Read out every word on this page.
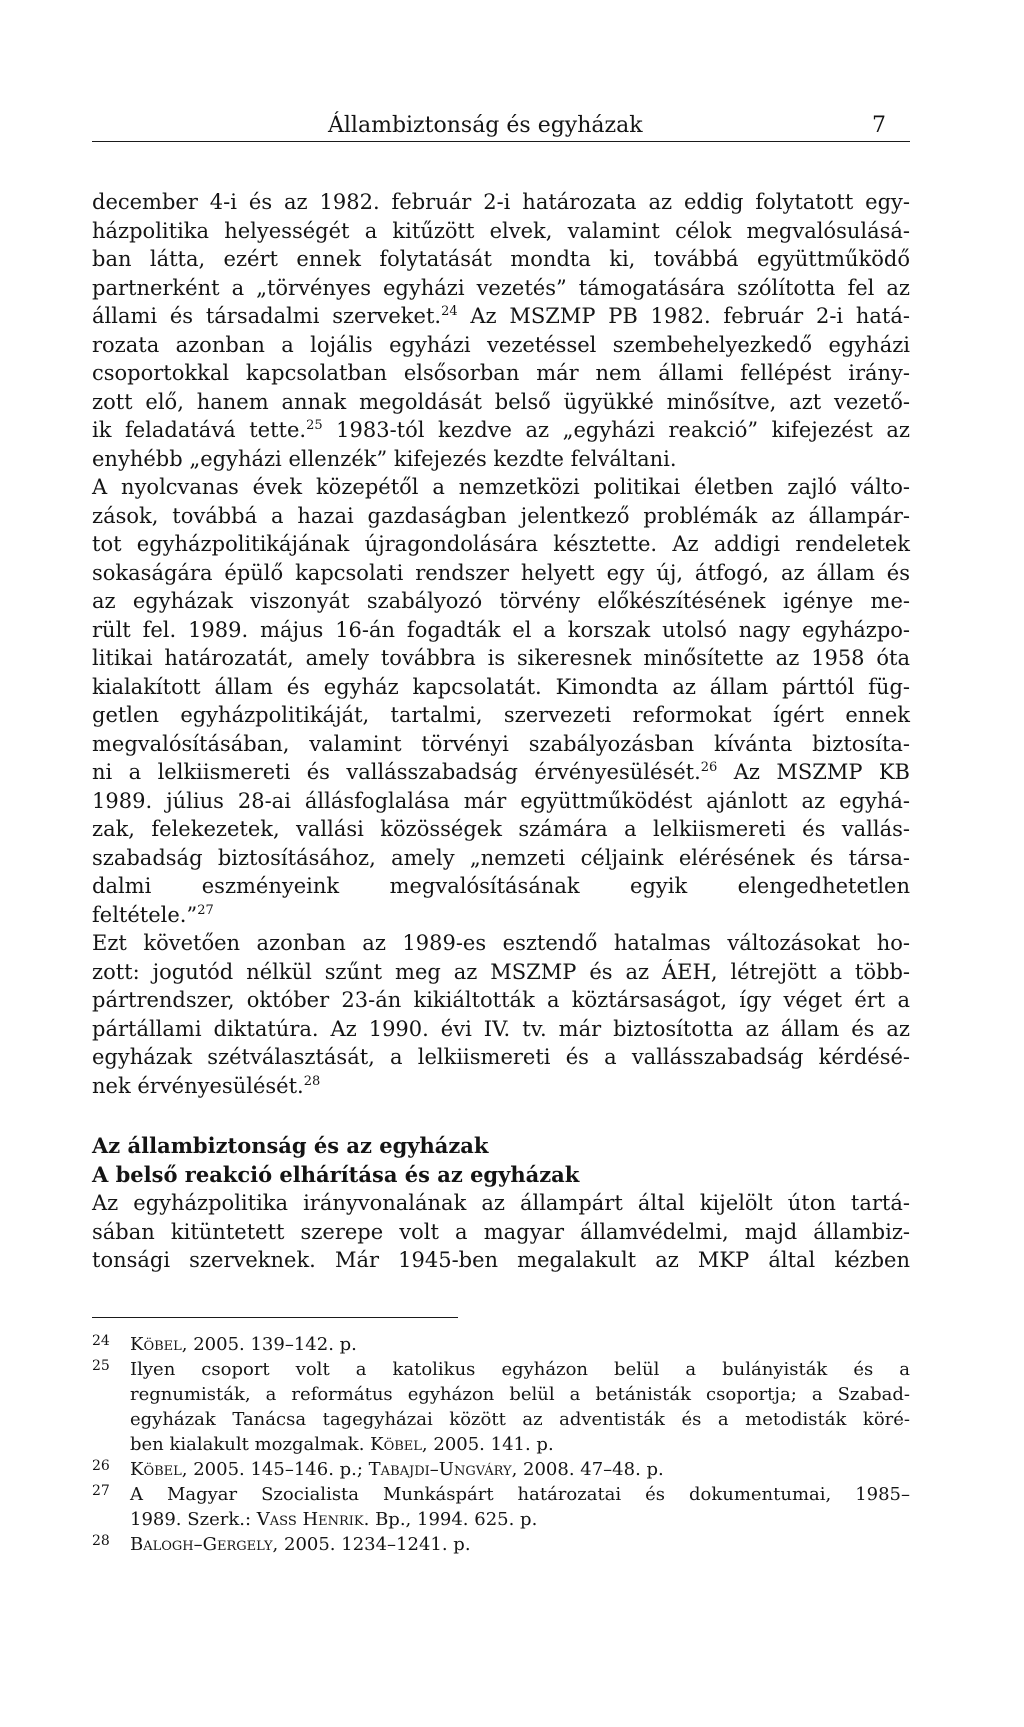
Állambiztonság és egyházak	7
december 4-i és az 1982. február 2-i határozata az eddig folytatott egy-
házpolitika helyességét a kitűzött elvek, valamint célok megvalósulásá-
ban látta, ezért ennek folytatását mondta ki, továbbá együttműködő
partnerként a „törvényes egyházi vezetés” támogatására szólította fel az
állami és társadalmi szerveket.$^{24}$ Az MSZMP PB 1982. február 2-i hatá-
rozata azonban a lojális egyházi vezetéssel szembehelyezkedő egyházi
csoportokkal kapcsolatban elsősorban már nem állami fellépést irány-
zott elő, hanem annak megoldását belső ügyükké minősítve, azt vezető-
ik feladatává tette.$^{25}$ 1983-tól kezdve az „egyházi reakció” kifejezést az
enyhébb „egyházi ellenzék” kifejezés kezdte felváltani.
A nyolcvanas évek közepétől a nemzetközi politikai életben zajló válto-
zások, továbbá a hazai gazdaságban jelentkező problémák az állampár-
tot egyházpolitikájának újragondolására késztette. Az addigi rendeletek
sokaságára épülő kapcsolati rendszer helyett egy új, átfogó, az állam és
az egyházak viszonyát szabályozó törvény előkészítésének igénye me-
rült fel. 1989. május 16-án fogadták el a korszak utolsó nagy egyházpo-
litikai határozatát, amely továbbra is sikeresnek minősítette az 1958 óta
kialakított állam és egyház kapcsolatát. Kimondta az állam párttól füg-
getlen egyházpolitikáját, tartalmi, szervezeti reformokat ígért ennek
megvalósításában, valamint törvényi szabályozásban kívánta biztosíta-
ni a lelkiismereti és vallásszabadság érvényesülését.$^{26}$ Az MSZMP KB
1989. július 28-ai állásfoglalása már együttműködést ajánlott az egyhá-
zak, felekezetek, vallási közösségek számára a lelkiismereti és vallás-
szabadság biztosításához, amely „nemzeti céljaink elérésének és társa-
dalmi eszményeink megvalósításának egyik elengedhetetlen
feltétele.”$^{27}$
Ezt követően azonban az 1989-es esztendő hatalmas változásokat ho-
zott: jogutód nélkül szűnt meg az MSZMP és az ÁEH, létrejött a több-
pártrendszer, október 23-án kikiáltották a köztársaságot, így véget ért a
pártállami diktatúra. Az 1990. évi IV. tv. már biztosította az állam és az
egyházak szétválasztását, a lelkiismereti és a vallásszabadság kérdésé-
nek érvényesülését.$^{28}$
Az állambiztonság és az egyházak
A belső reakció elhárítása és az egyházak
Az egyházpolitika irányvonalának az állampárt által kijelölt úton tartá-
sában kitüntetett szerepe volt a magyar államvédelmi, majd állambiz-
tonsági szerveknek. Már 1945-ben megalakult az MKP által kézben
24 Köbel, 2005. 139–142. p.
25 Ilyen csoport volt a katolikus egyházon belül a bulányisták és a
regnumisták, a református egyházon belül a betánisták csoportja; a Szabad-
egyházak Tanácsa tagegyházai között az adventisták és a metodisták köré-
ben kialakult mozgalmak. Köbel, 2005. 141. p.
26 Köbel, 2005. 145–146. p.; Tabajdi–Ungváry, 2008. 47–48. p.
27 A Magyar Szocialista Munkáspárt határozatai és dokumentumai, 1985–
1989. Szerk.: Vass Henrik. Bp., 1994. 625. p.
28 Balogh–Gergely, 2005. 1234–1241. p.
